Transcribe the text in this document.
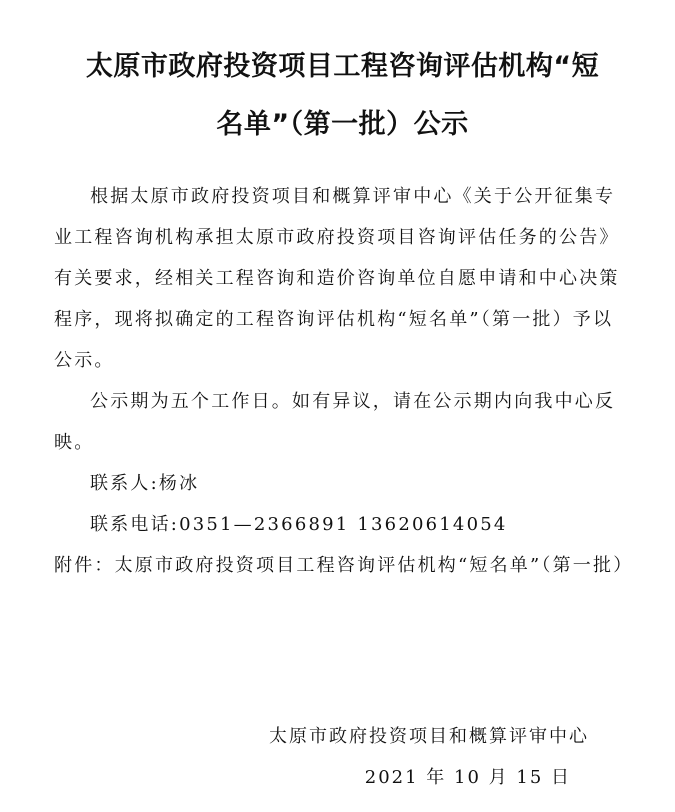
太原市政府投资项目工程咨询评估机构“短
名单”（第一批）公示

根据太原市政府投资项目和概算评审中心《关于公开征集专业工程咨询机构承担太原市政府投资项目咨询评估任务的公告》有关要求，经相关工程咨询和造价咨询单位自愿申请和中心决策程序，现将拟确定的工程咨询评估机构“短名单”（第一批）予以公示。

公示期为五个工作日。如有异议，请在公示期内向我中心反映。

联系人:杨冰

联系电话:0351—2366891 13620614054

附件：太原市政府投资项目工程咨询评估机构“短名单”（第一批）

太原市政府投资项目和概算评审中心
2021 年 10 月 15 日
